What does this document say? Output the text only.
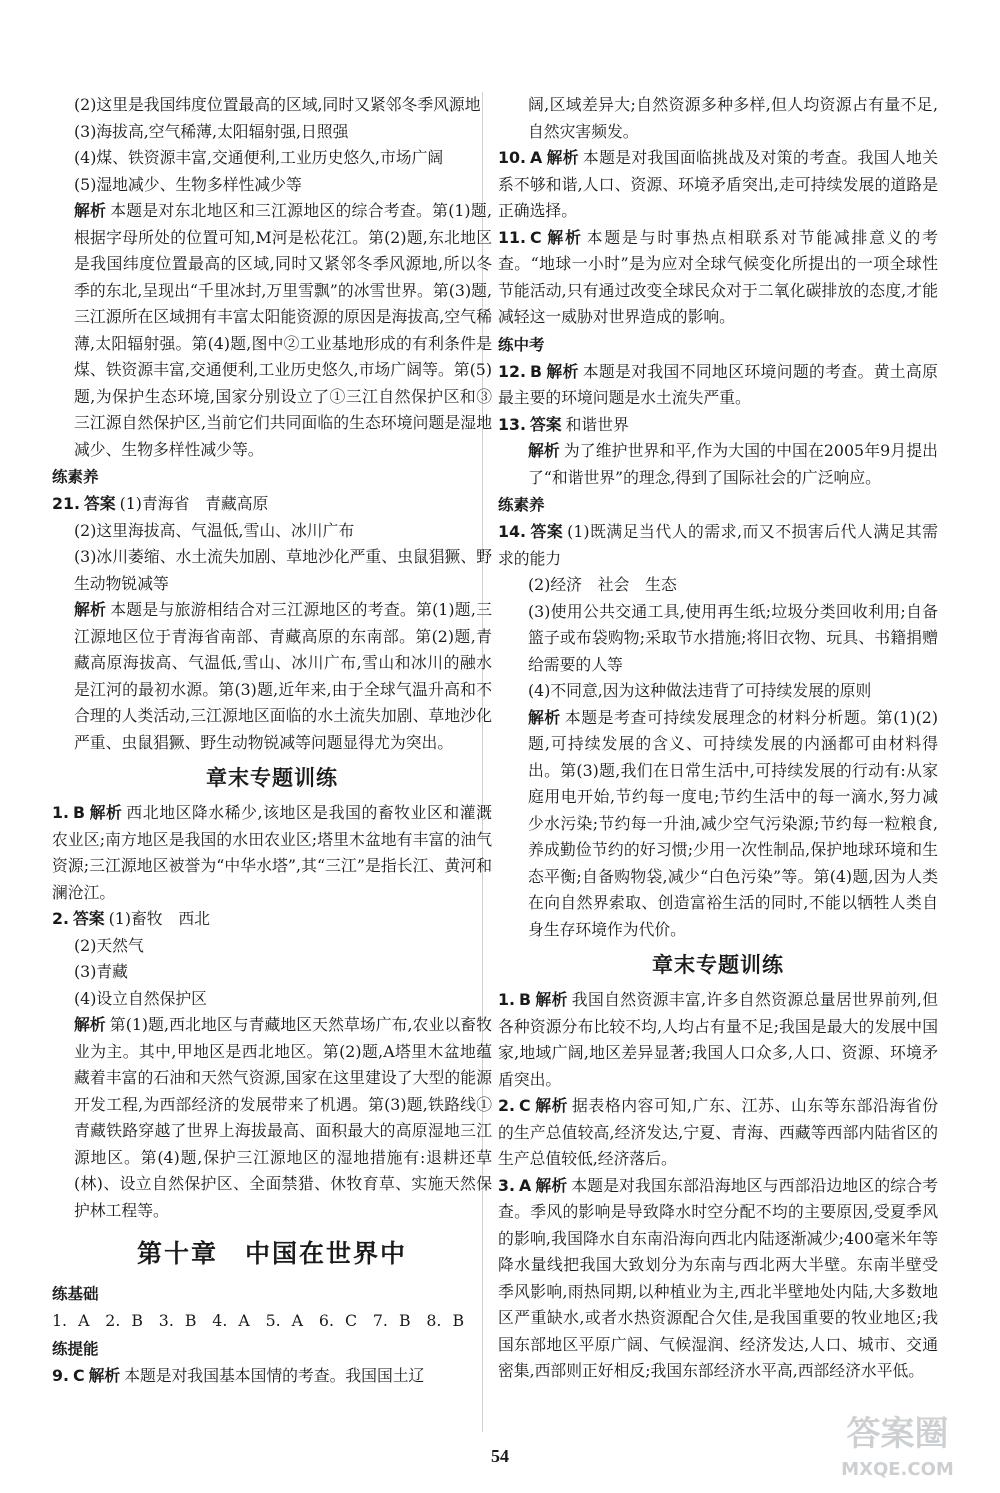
(2)这里是我国纬度位置最高的区域,同时又紧邻冬季风源地

(3)海拔高,空气稀薄,太阳辐射强,日照强

(4)煤、铁资源丰富,交通便利,工业历史悠久,市场广阔

(5)湿地减少、生物多样性减少等

解析 本题是对东北地区和三江源地区的综合考查。第(1)题,根据字母所处的位置可知,M河是松花江。第(2)题,东北地区是我国纬度位置最高的区域,同时又紧邻冬季风源地,所以冬季的东北,呈现出“千里冰封,万里雪飘”的冰雪世界。第(3)题,三江源所在区域拥有丰富太阳能资源的原因是海拔高,空气稀薄,太阳辐射强。第(4)题,图中②工业基地形成的有利条件是煤、铁资源丰富,交通便利,工业历史悠久,市场广阔等。第(5)题,为保护生态环境,国家分别设立了①三江自然保护区和③三江源自然保护区,当前它们共同面临的生态环境问题是湿地减少、生物多样性减少等。

练素养

21. 答案 (1)青海省　青藏高原

(2)这里海拔高、气温低,雪山、冰川广布

(3)冰川萎缩、水土流失加剧、草地沙化严重、虫鼠猖獗、野生动物锐减等

解析 本题是与旅游相结合对三江源地区的考查。第(1)题,三江源地区位于青海省南部、青藏高原的东南部。第(2)题,青藏高原海拔高、气温低,雪山、冰川广布,雪山和冰川的融水是江河的最初水源。第(3)题,近年来,由于全球气温升高和不合理的人类活动,三江源地区面临的水土流失加剧、草地沙化严重、虫鼠猖獗、野生动物锐减等问题显得尤为突出。

章末专题训练

1. B 解析 西北地区降水稀少,该地区是我国的畜牧业区和灌溉农业区;南方地区是我国的水田农业区;塔里木盆地有丰富的油气资源;三江源地区被誉为“中华水塔”,其“三江”是指长江、黄河和澜沧江。

2. 答案 (1)畜牧　西北

(2)天然气

(3)青藏

(4)设立自然保护区

解析 第(1)题,西北地区与青藏地区天然草场广布,农业以畜牧业为主。其中,甲地区是西北地区。第(2)题,A塔里木盆地蕴藏着丰富的石油和天然气资源,国家在这里建设了大型的能源开发工程,为西部经济的发展带来了机遇。第(3)题,铁路线①青藏铁路穿越了世界上海拔最高、面积最大的高原湿地三江源地区。第(4)题,保护三江源地区的湿地措施有:退耕还草(林)、设立自然保护区、全面禁猎、休牧育草、实施天然保护林工程等。

第十章　中国在世界中

练基础

1. A　2. B　3. B　4. A　5. A　6. C　7. B　8. B

练提能

9. C 解析 本题是对我国基本国情的考查。我国国土辽

阔,区域差异大;自然资源多种多样,但人均资源占有量不足,自然灾害频发。

10. A 解析 本题是对我国面临挑战及对策的考查。我国人地关系不够和谐,人口、资源、环境矛盾突出,走可持续发展的道路是正确选择。

11. C 解析 本题是与时事热点相联系对节能减排意义的考查。“地球一小时”是为应对全球气候变化所提出的一项全球性节能活动,只有通过改变全球民众对于二氧化碳排放的态度,才能减轻这一威胁对世界造成的影响。

练中考

12. B 解析 本题是对我国不同地区环境问题的考查。黄土高原最主要的环境问题是水土流失严重。

13. 答案 和谐世界

解析 为了维护世界和平,作为大国的中国在2005年9月提出了“和谐世界”的理念,得到了国际社会的广泛响应。

练素养

14. 答案 (1)既满足当代人的需求,而又不损害后代人满足其需求的能力

(2)经济　社会　生态

(3)使用公共交通工具,使用再生纸;垃圾分类回收利用;自备篮子或布袋购物;采取节水措施;将旧衣物、玩具、书籍捐赠给需要的人等

(4)不同意,因为这种做法违背了可持续发展的原则

解析 本题是考查可持续发展理念的材料分析题。第(1)(2)题,可持续发展的含义、可持续发展的内涵都可由材料得出。第(3)题,我们在日常生活中,可持续发展的行动有:从家庭用电开始,节约每一度电;节约生活中的每一滴水,努力减少水污染;节约每一升油,减少空气污染源;节约每一粒粮食,养成勤俭节约的好习惯;少用一次性制品,保护地球环境和生态平衡;自备购物袋,减少“白色污染”等。第(4)题,因为人类在向自然界索取、创造富裕生活的同时,不能以牺牲人类自身生存环境作为代价。

章末专题训练

1. B 解析 我国自然资源丰富,许多自然资源总量居世界前列,但各种资源分布比较不均,人均占有量不足;我国是最大的发展中国家,地域广阔,地区差异显著;我国人口众多,人口、资源、环境矛盾突出。

2. C 解析 据表格内容可知,广东、江苏、山东等东部沿海省份的生产总值较高,经济发达,宁夏、青海、西藏等西部内陆省区的生产总值较低,经济落后。

3. A 解析 本题是对我国东部沿海地区与西部沿边地区的综合考查。季风的影响是导致降水时空分配不均的主要原因,受夏季风的影响,我国降水自东南沿海向西北内陆逐渐减少;400毫米年等降水量线把我国大致划分为东南与西北两大半壁。东南半壁受季风影响,雨热同期,以种植业为主,西北半壁地处内陆,大多数地区严重缺水,或者水热资源配合欠佳,是我国重要的牧业地区;我国东部地区平原广阔、气候湿润、经济发达,人口、城市、交通密集,西部则正好相反;我国东部经济水平高,西部经济水平低。

54
答案圈
MXQE.COM
